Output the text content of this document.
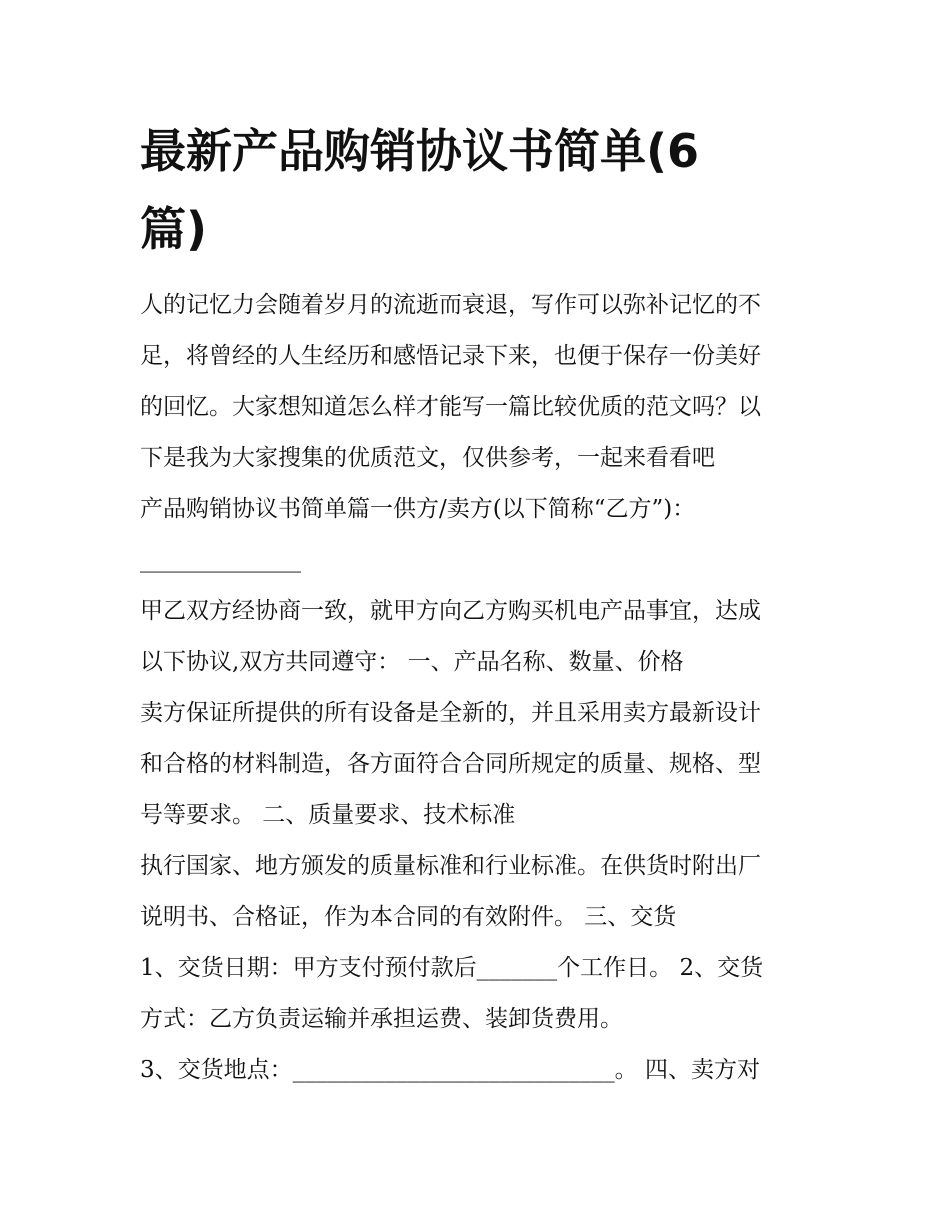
最新产品购销协议书简单(6
篇)
人的记忆力会随着岁月的流逝而衰退，写作可以弥补记忆的不
足，将曾经的人生经历和感悟记录下来，也便于保存一份美好
的回忆。大家想知道怎么样才能写一篇比较优质的范文吗？以
下是我为大家搜集的优质范文，仅供参考，一起来看看吧
产品购销协议书简单篇一供方/卖方(以下简称“乙方”)：
______________
甲乙双方经协商一致，就甲方向乙方购买机电产品事宜，达成
以下协议,双方共同遵守： 一、产品名称、数量、价格
卖方保证所提供的所有设备是全新的，并且采用卖方最新设计
和合格的材料制造，各方面符合合同所规定的质量、规格、型
号等要求。 二、质量要求、技术标准
执行国家、地方颁发的质量标准和行业标准。在供货时附出厂
说明书、合格证，作为本合同的有效附件。 三、交货
1、交货日期：甲方支付预付款后_______个工作日。 2、交货
方式：乙方负责运输并承担运费、装卸货费用。
3、交货地点：____________________________。 四、卖方对
